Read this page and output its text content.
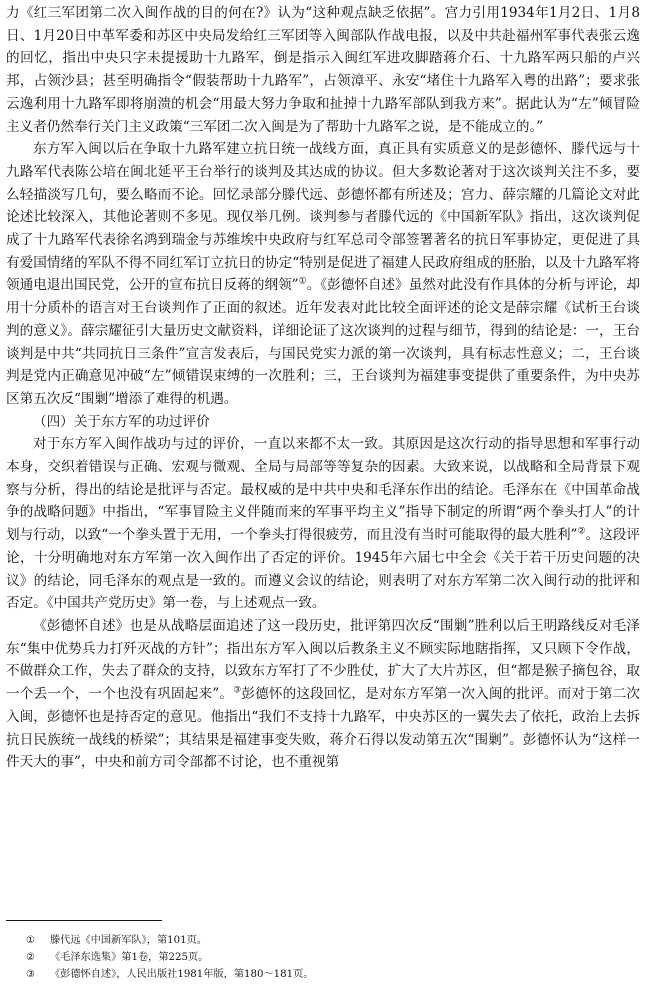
力《红三军团第二次入闽作战的目的何在?》认为“这种观点缺乏依据”。宫力引用1934年1月2日、1月8日、1月20日中革军委和苏区中央局发给红三军团等入闽部队作战电报，以及中共赴福州军事代表张云逸的回忆，指出中央只字未提援助十九路军，倒是指示入闽红军进攻脚踏蒋介石、十九路军两只船的卢兴邦，占领沙县；甚至明确指令“假装帮助十九路军”，占领漳平、永安“堵住十九路军入粤的出路”；要求张云逸利用十九路军即将崩溃的机会“用最大努力争取和扯掉十九路军部队到我方来”。据此认为“左”倾冒险主义者仍然奉行关门主义政策“三军团二次入闽是为了帮助十九路军之说，是不能成立的。”

东方军入闽以后在争取十九路军建立抗日统一战线方面，真正具有实质意义的是彭德怀、滕代远与十九路军代表陈公培在闽北延平王台举行的谈判及其达成的协议。但大多数论著对于这次谈判关注不多，要么轻描淡写几句，要么略而不论。回忆录部分滕代远、彭德怀都有所述及；宫力、薛宗耀的几篇论文对此论述比较深入，其他论著则不多见。现仅举几例。谈判参与者滕代远的《中国新军队》指出，这次谈判促成了十九路军代表徐名鸿到瑞金与苏维埃中央政府与红军总司令部签署著名的抗日军事协定，更促进了具有爱国情绪的军队不得不同红军订立抗日的协定“特别是促进了福建人民政府组成的胚胎，以及十九路军将领通电退出国民党，公开的宣布抗日反蒋的纲领”①。《彭德怀自述》虽然对此没有作具体的分析与评论，却用十分质朴的语言对王台谈判作了正面的叙述。近年发表对此比较全面评述的论文是薛宗耀《试析王台谈判的意义》。薛宗耀征引大量历史文献资料，详细论证了这次谈判的过程与细节，得到的结论是：一，王台谈判是中共“共同抗日三条件”宣言发表后，与国民党实力派的第一次谈判，具有标志性意义；二，王台谈判是党内正确意见冲破“左”倾错误束缚的一次胜利；三，王台谈判为福建事变提供了重要条件，为中央苏区第五次反“围剿”增添了难得的机遇。

（四）关于东方军的功过评价

对于东方军入闽作战功与过的评价，一直以来都不太一致。其原因是这次行动的指导思想和军事行动本身，交织着错误与正确、宏观与微观、全局与局部等等复杂的因素。大致来说，以战略和全局背景下观察与分析，得出的结论是批评与否定。最权威的是中共中央和毛泽东作出的结论。毛泽东在《中国革命战争的战略问题》中指出，“军事冒险主义伴随而来的军事平均主义”指导下制定的所谓“两个拳头打人”的计划与行动，以致“一个拳头置于无用，一个拳头打得很疲劳，而且没有当时可能取得的最大胜利”②。这段评论，十分明确地对东方军第一次入闽作出了否定的评价。1945年六届七中全会《关于若干历史问题的决议》的结论，同毛泽东的观点是一致的。而遵义会议的结论，则表明了对东方军第二次入闽行动的批评和否定。《中国共产党历史》第一卷，与上述观点一致。

《彭德怀自述》也是从战略层面追述了这一段历史，批评第四次反“围剿”胜利以后王明路线反对毛泽东“集中优势兵力打歼灭战的方针”；指出东方军入闽以后教条主义不顾实际地瞎指挥，又只顾下令作战，不做群众工作，失去了群众的支持，以致东方军打了不少胜仗，扩大了大片苏区，但“都是猴子摘包谷，取一个丢一个，一个也没有巩固起来”。③彭德怀的这段回忆，是对东方军第一次入闽的批评。而对于第二次入闽，彭德怀也是持否定的意见。他指出“我们不支持十九路军，中央苏区的一翼失去了依托，政治上去拆抗日民族统一战线的桥梁”；其结果是福建事变失败，蒋介石得以发动第五次“围剿”。彭德怀认为“这样一件天大的事”，中央和前方司令部都不讨论，也不重视第

① 滕代远《中国新军队》，第101页。

② 《毛泽东选集》第1卷，第225页。

③ 《彭德怀自述》，人民出版社1981年版，第180～181页。
